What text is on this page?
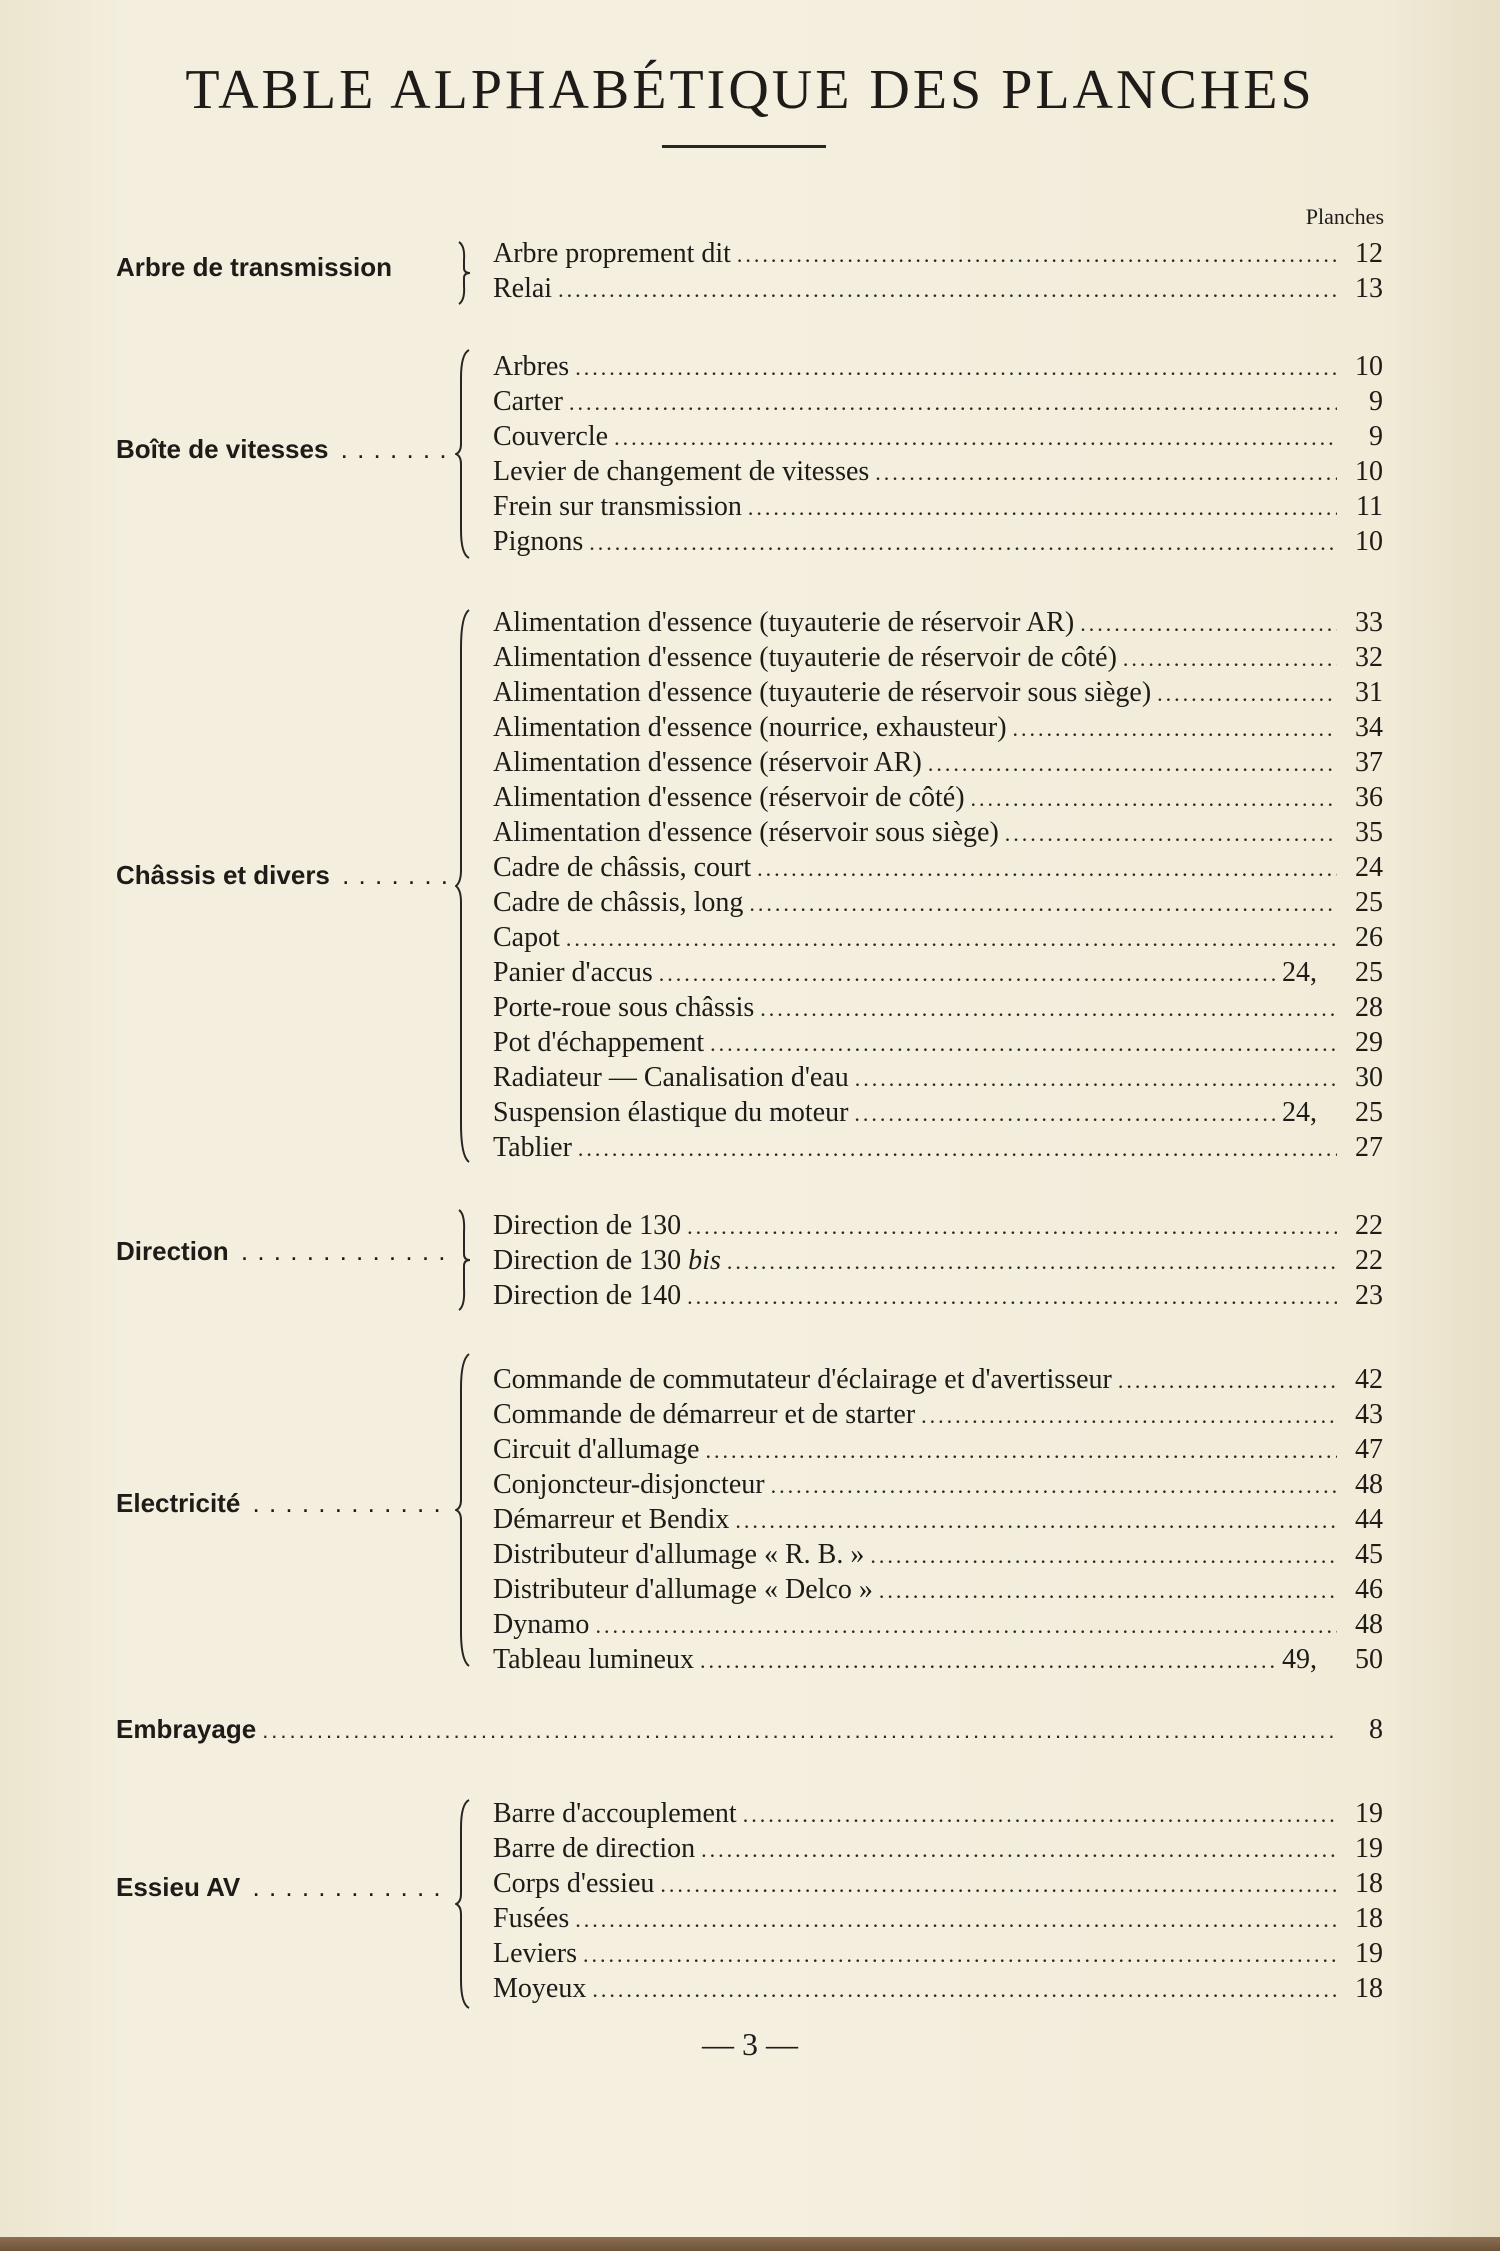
TABLE ALPHABÉTIQUE DES PLANCHES
Planches
Arbre de transmission	Arbre proprement dit .....	12
Relai .....	13
Boîte de vitesses . . .
Arbres .....	10
Carter .....	9
Couvercle .....	9
Levier de changement de vitesses .....	10
Frein sur transmission .....	11
Pignons .....	10
Châssis et divers . . .
Alimentation d'essence (tuyauterie de réservoir AR) .....	33
Alimentation d'essence (tuyauterie de réservoir de côté) .....	32
Alimentation d'essence (tuyauterie de réservoir sous siège) .....	31
Alimentation d'essence (nourrice, exhausteur) .....	34
Alimentation d'essence (réservoir AR) .....	37
Alimentation d'essence (réservoir de côté) .....	36
Alimentation d'essence (réservoir sous siège) .....	35
Cadre de châssis, court .....	24
Cadre de châssis, long .....	25
Capot .....	26
Panier d'accus .....	24,	25
Porte-roue sous châssis .....	28
Pot d'échappement .....	29
Radiateur — Canalisation d'eau .....	30
Suspension élastique du moteur .....	24,	25
Tablier .....	27
Direction . . .
Direction de 130 .....	22
Direction de 130 bis .....	22
Direction de 140 .....	23
Electricité . . .
Commande de commutateur d'éclairage et d'avertisseur .....	42
Commande de démarreur et de starter .....	43
Circuit d'allumage .....	47
Conjoncteur-disjoncteur .....	48
Démarreur et Bendix .....	44
Distributeur d'allumage « R. B. » .....	45
Distributeur d'allumage « Delco » .....	46
Dynamo .....	48
Tableau lumineux .....	49,	50
Embrayage .....	8
Essieu AV . . .
Barre d'accouplement .....	19
Barre de direction .....	19
Corps d'essieu .....	18
Fusées .....	18
Leviers .....	19
Moyeux .....	18
— 3 —
